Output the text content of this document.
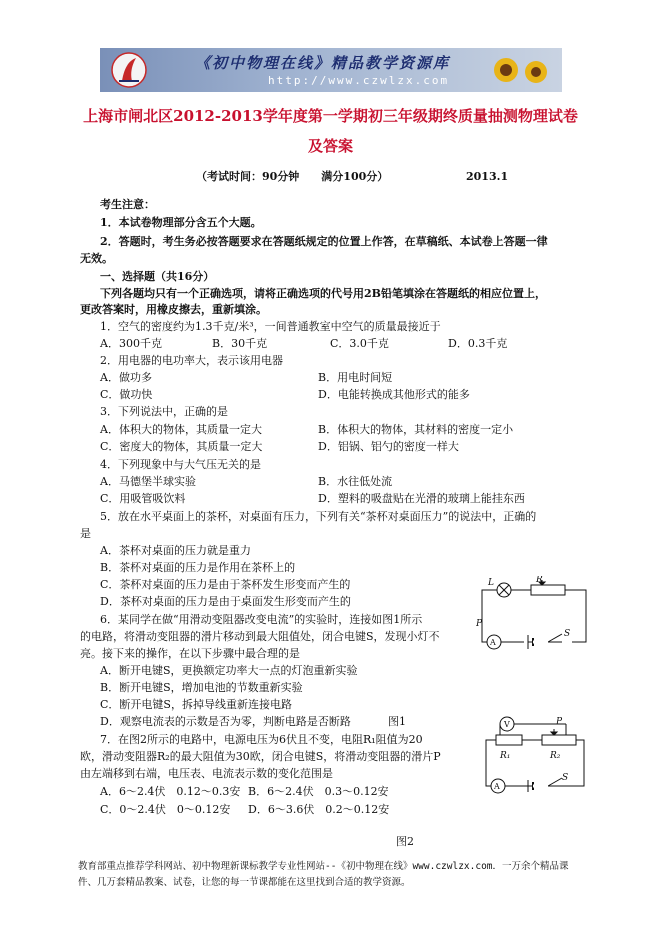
《初中物理在线》精品教学资源库
http://www.czwlzx.com
上海市闸北区2012-2013学年度第一学期初三年级期终质量抽测物理试卷
及答案
（考试时间：90分钟　　满分100分）	2013.1
考生注意：
1．本试卷物理部分含五个大题。
2．答题时，考生务必按答题要求在答题纸规定的位置上作答，在草稿纸、本试卷上答题一律
无效。
一、选择题（共16分）
下列各题均只有一个正确选项，请将正确选项的代号用2B铅笔填涂在答题纸的相应位置上，
更改答案时，用橡皮擦去，重新填涂。
1．空气的密度约为1.3千克/米³，一间普通教室中空气的质量最接近于
A．300千克	B．30千克	C．3.0千克	D．0.3千克
2．用电器的电功率大，表示该用电器
A．做功多	B．用电时间短
C．做功快	D．电能转换成其他形式的能多
3．下列说法中，正确的是
A．体积大的物体，其质量一定大	B．体积大的物体，其材料的密度一定小
C．密度大的物体，其质量一定大	D．铝锅、铝勺的密度一样大
4．下列现象中与大气压无关的是
A．马德堡半球实验	B．水往低处流
C．用吸管吸饮料	D．塑料的吸盘贴在光滑的玻璃上能挂东西
5．放在水平桌面上的茶杯，对桌面有压力，下列有关“茶杯对桌面压力”的说法中，正确的
是
A．茶杯对桌面的压力就是重力
B．茶杯对桌面的压力是作用在茶杯上的
C．茶杯对桌面的压力是由于茶杯发生形变而产生的
D．茶杯对桌面的压力是由于桌面发生形变而产生的
6．某同学在做“用滑动变阻器改变电流”的实验时，连接如图1所示
的电路，将滑动变阻器的滑片移动到最大阻值处，闭合电键S，发现小灯不
亮。接下来的操作，在以下步骤中最合理的是
A．断开电键S，更换额定功率大一点的灯泡重新实验
B．断开电键S，增加电池的节数重新实验
C．断开电键S，拆掉导线重新连接电路
D．观察电流表的示数是否为零，判断电路是否断路	图1
7．在图2所示的电路中，电源电压为6伏且不变，电阻R₁阻值为20
欧，滑动变阻器R₂的最大阻值为30欧，闭合电键S，将滑动变阻器的滑片P
由左端移到右端，电压表、电流表示数的变化范围是
A．6～2.4伏　0.12～0.3安 B．6～2.4伏　0.3～0.12安
C．0～2.4伏　0～0.12安 D．6～3.6伏　0.2～0.12安
图2
L	R
P
S
A
V	P
R₁	R₂
A
S
教育部重点推荐学科网站、初中物理新课标教学专业性网站--《初中物理在线》www.czwlzx.com．一万余个精品课
件、几万套精品教案、试卷，让您的每一节课都能在这里找到合适的教学资源。
